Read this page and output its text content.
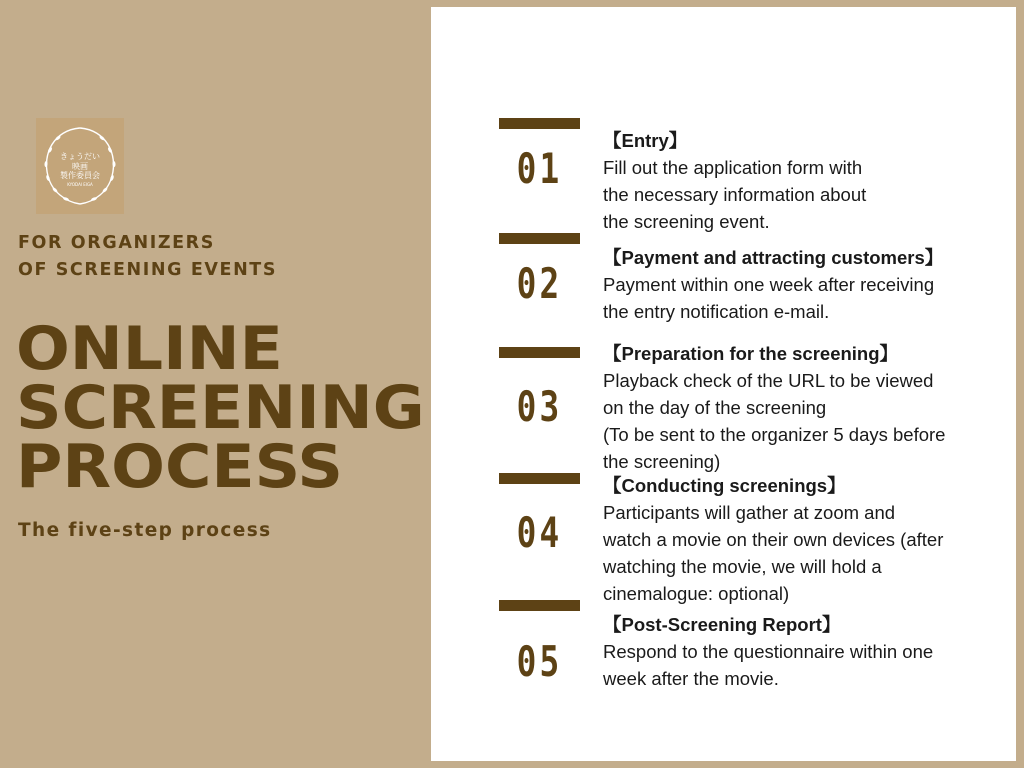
きょうだい
映画
製作委員会
KYODAI EIGA
FOR ORGANIZERS
OF SCREENING EVENTS
ONLINE
SCREENING
PROCESS
The five-step process
01
【Entry】
Fill out the application form with
the necessary information about
the screening event.
02
【Payment and attracting customers】
Payment within one week after receiving
the entry notification e-mail.
03
【Preparation for the screening】
Playback check of the URL to be viewed
on the day of the screening
(To be sent to the organizer 5 days before
the screening)
04
【Conducting screenings】
Participants will gather at zoom and
watch a movie on their own devices (after
watching the movie, we will hold a
cinemalogue: optional)
05
【Post-Screening Report】
Respond to the questionnaire within one
week after the movie.
